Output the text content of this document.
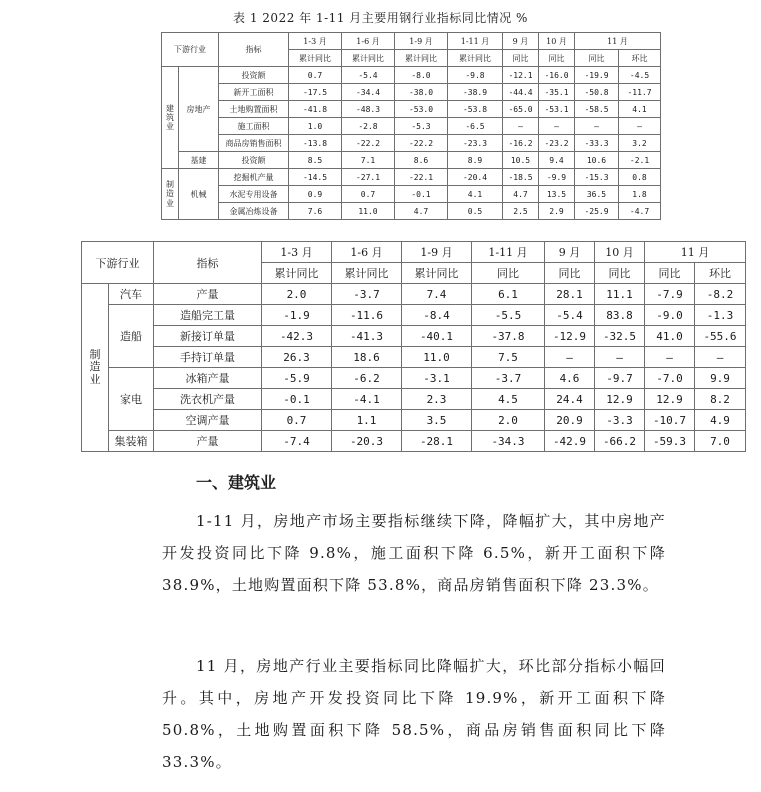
表 1 2022 年 1-11 月主要用钢行业指标同比情况 %
下游行业		指标	1-3 月	1-6 月	1-9 月	1-11 月	9 月	10 月	11 月	
			累计同比	累计同比	累计同比	累计同比	同比	同比	同比	环比
建
筑
业	房地产	投资额	0.7	-5.4	-8.0	-9.8	-12.1	-16.0	-19.9	-4.5
		新开工面积	-17.5	-34.4	-38.0	-38.9	-44.4	-35.1	-50.8	-11.7
		土地购置面积	-41.8	-48.3	-53.0	-53.8	-65.0	-53.1	-58.5	4.1
		施工面积	1.0	-2.8	-5.3	-6.5	—	—	—	—
		商品房销售面积	-13.8	-22.2	-22.2	-23.3	-16.2	-23.2	-33.3	3.2
	基建	投资额	8.5	7.1	8.6	8.9	10.5	9.4	10.6	-2.1
制
造
业	机械	挖掘机产量	-14.5	-27.1	-22.1	-20.4	-18.5	-9.9	-15.3	0.8
		水泥专用设备	0.9	0.7	-0.1	4.1	4.7	13.5	36.5	1.8
		金属冶炼设备	7.6	11.0	4.7	0.5	2.5	2.9	-25.9	-4.7
下游行业		指标	1-3 月	1-6 月	1-9 月	1-11 月	9 月	10 月	11 月	
			累计同比	累计同比	累计同比	同比	同比	同比	同比	环比
制
造
业	汽车	产量	2.0	-3.7	7.4	6.1	28.1	11.1	-7.9	-8.2
	造船	造船完工量	-1.9	-11.6	-8.4	-5.5	-5.4	83.8	-9.0	-1.3
		新接订单量	-42.3	-41.3	-40.1	-37.8	-12.9	-32.5	41.0	-55.6
		手持订单量	26.3	18.6	11.0	7.5	—	—	—	—
	家电	冰箱产量	-5.9	-6.2	-3.1	-3.7	4.6	-9.7	-7.0	9.9
		洗衣机产量	-0.1	-4.1	2.3	4.5	24.4	12.9	12.9	8.2
		空调产量	0.7	1.1	3.5	2.0	20.9	-3.3	-10.7	4.9
	集装箱	产量	-7.4	-20.3	-28.1	-34.3	-42.9	-66.2	-59.3	7.0
一、建筑业
1-11 月，房地产市场主要指标继续下降，降幅扩大，其中房地产开发投资同比下降 9.8%，施工面积下降 6.5%，新开工面积下降 38.9%，土地购置面积下降 53.8%，商品房销售面积下降 23.3%。
11 月，房地产行业主要指标同比降幅扩大，环比部分指标小幅回升。其中，房地产开发投资同比下降 19.9%，新开工面积下降 50.8%，土地购置面积下降 58.5%，商品房销售面积同比下降 33.3%。
